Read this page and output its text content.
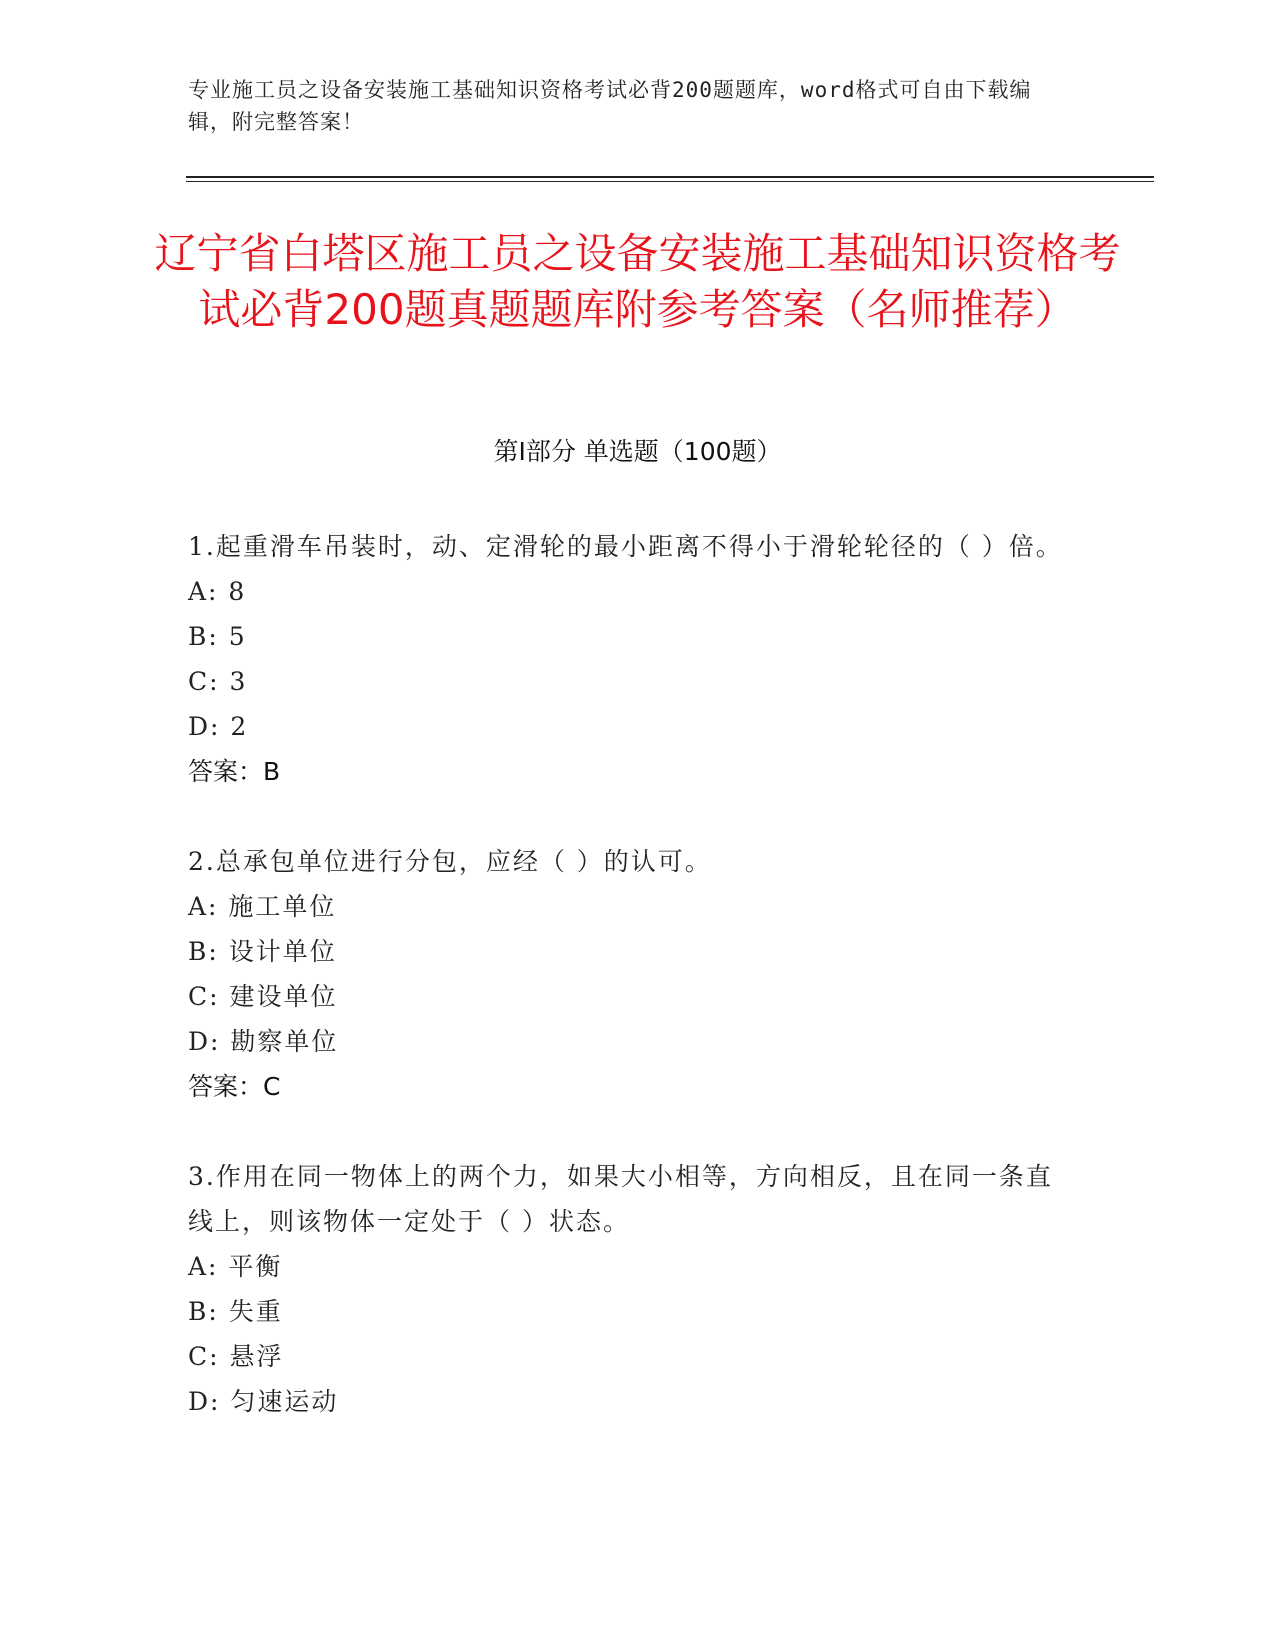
专业施工员之设备安装施工基础知识资格考试必背200题题库，word格式可自由下载编辑，附完整答案！
辽宁省白塔区施工员之设备安装施工基础知识资格考试必背200题真题题库附参考答案（名师推荐）
第Ⅰ部分 单选题（100题）
1.起重滑车吊装时，动、定滑轮的最小距离不得小于滑轮轮径的（ ）倍。
A: 8
B: 5
C: 3
D: 2
答案：B
2.总承包单位进行分包，应经（ ）的认可。
A: 施工单位
B: 设计单位
C: 建设单位
D: 勘察单位
答案：C
3.作用在同一物体上的两个力，如果大小相等，方向相反，且在同一条直线上，则该物体一定处于（ ）状态。
A: 平衡
B: 失重
C: 悬浮
D: 匀速运动
